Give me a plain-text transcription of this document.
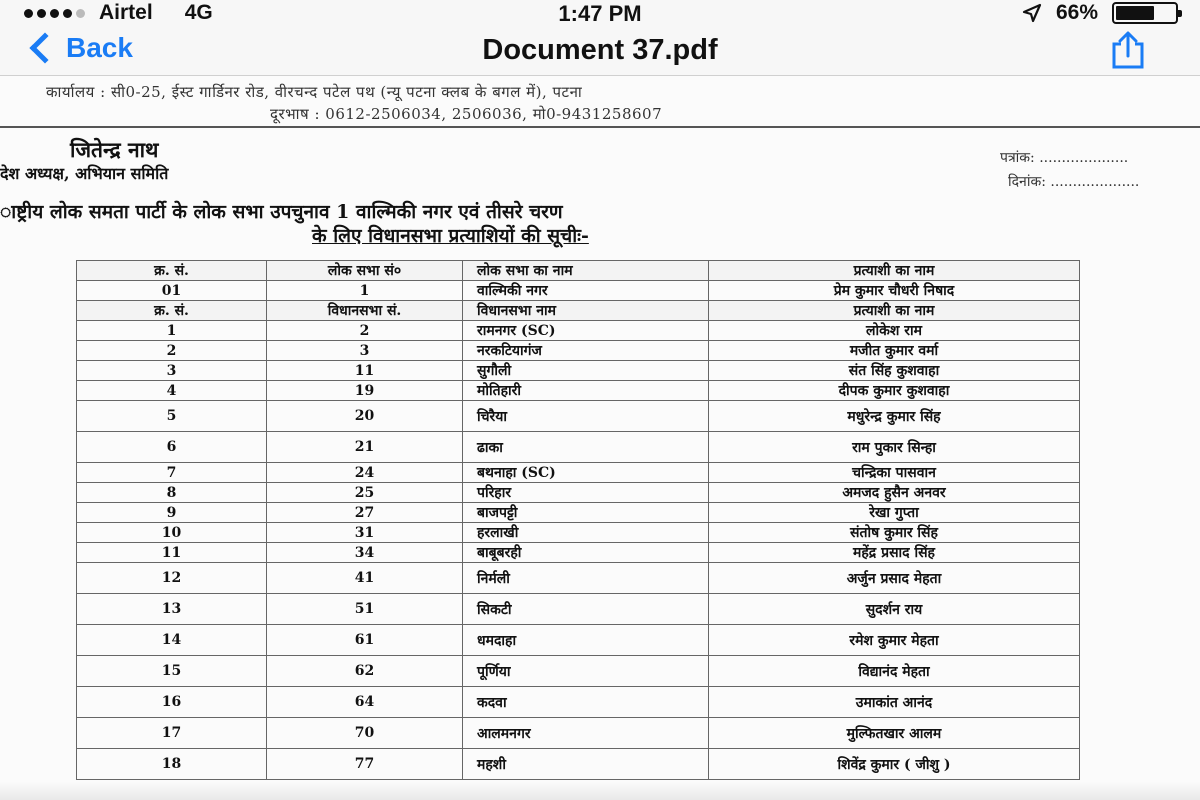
Airtel 4G	1:47 PM	66%
Back	Document 37.pdf
कार्यालय : सी0-25, ईस्ट गार्डिनर रोड, वीरचन्द पटेल पथ (न्यू पटना क्लब के बगल में), पटना
दूरभाष : 0612-2506034, 2506036, मो0-9431258607
जितेन्द्र नाथ
देश अध्यक्ष, अभियान समिति
पत्रांक: ....................
दिनांक: ....................
ाष्ट्रीय लोक समता पार्टी के लोक सभा उपचुनाव 1 वाल्मिकी नगर एवं तीसरे चरण
के लिए विधानसभा प्रत्याशियों की सूचीः-
क्र. सं.	लोक सभा सं०	लोक सभा का नाम	प्रत्याशी का नाम
01	1	वाल्मिकी नगर	प्रेम कुमार चौधरी निषाद
क्र. सं.	विधानसभा सं.	विधानसभा नाम	प्रत्याशी का नाम
1	2	रामनगर (SC)	लोकेश राम
2	3	नरकटियागंज	मजीत कुमार वर्मा
3	11	सुगौली	संत सिंह कुशवाहा
4	19	मोतिहारी	दीपक कुमार कुशवाहा
5	20	चिरैया	मधुरेन्द्र कुमार सिंह
6	21	ढाका	राम पुकार सिन्हा
7	24	बथनाहा (SC)	चन्द्रिका पासवान
8	25	परिहार	अमजद हुसैन अनवर
9	27	बाजपट्टी	रेखा गुप्ता
10	31	हरलाखी	संतोष कुमार सिंह
11	34	बाबूबरही	महेंद्र प्रसाद सिंह
12	41	निर्मली	अर्जुन प्रसाद मेहता
13	51	सिकटी	सुदर्शन राय
14	61	धमदाहा	रमेश कुमार मेहता
15	62	पूर्णिया	विद्यानंद मेहता
16	64	कदवा	उमाकांत आनंद
17	70	आलमनगर	मुल्फितखार आलम
18	77	महशी	शिवेंद्र कुमार ( जीशु )
